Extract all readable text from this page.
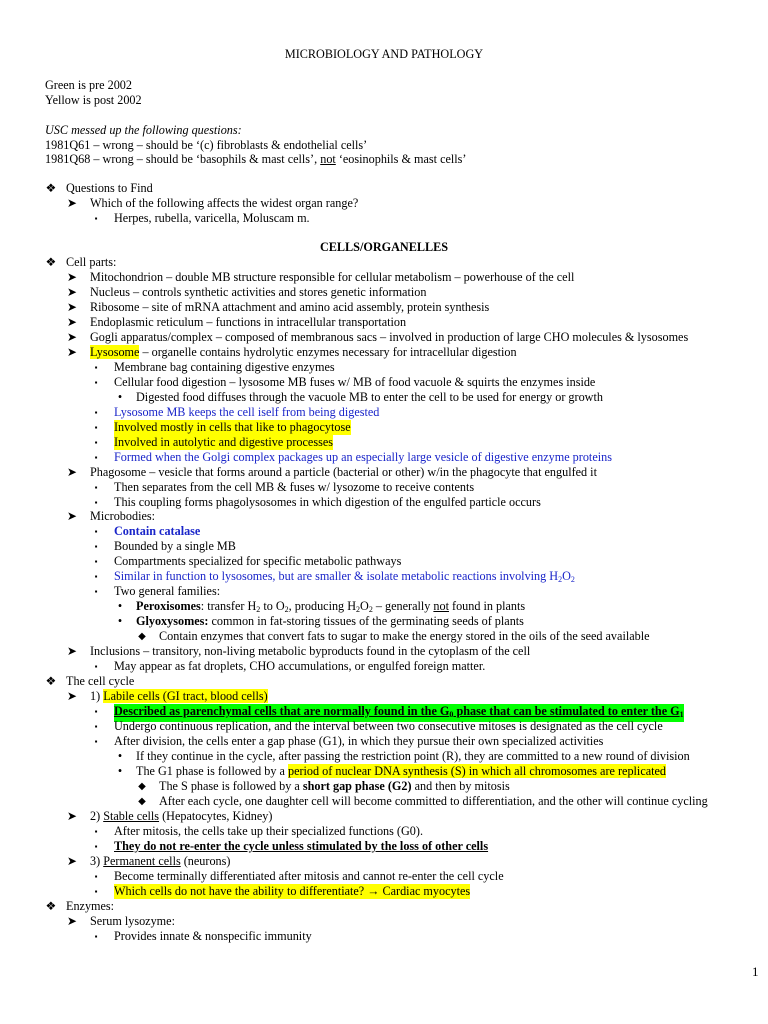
MICROBIOLOGY AND PATHOLOGY
Green is pre 2002
Yellow is post 2002
USC messed up the following questions:
1981Q61 – wrong – should be ‘(c) fibroblasts & endothelial cells’
1981Q68 – wrong – should be ‘basophils & mast cells’, not ‘eosinophils & mast cells’
❖ Questions to Find
➤ Which of the following affects the widest organ range?
▪	Herpes, rubella, varicella, Moluscam m.
CELLS/ORGANELLES
❖ Cell parts:
➤ Mitochondrion – double MB structure responsible for cellular metabolism – powerhouse of the cell
➤ Nucleus – controls synthetic activities and stores genetic information
➤ Ribosome – site of mRNA attachment and amino acid assembly, protein synthesis
➤ Endoplasmic reticulum – functions in intracellular transportation
➤ Gogli apparatus/complex – composed of membranous sacs – involved in production of large CHO molecules & lysosomes
➤ Lysosome – organelle contains hydrolytic enzymes necessary for intracellular digestion
▪	Membrane bag containing digestive enzymes
▪	Cellular food digestion – lysosome MB fuses w/ MB of food vacuole & squirts the enzymes inside
•	Digested food diffuses through the vacuole MB to enter the cell to be used for energy or growth
▪	Lysosome MB keeps the cell iself from being digested
▪	Involved mostly in cells that like to phagocytose
▪	Involved in autolytic and digestive processes
▪	Formed when the Golgi complex packages up an especially large vesicle of digestive enzyme proteins
➤ Phagosome – vesicle that forms around a particle (bacterial or other) w/in the phagocyte that engulfed it
▪	Then separates from the cell MB & fuses w/ lysozome to receive contents
▪	This coupling forms phagolysosomes in which digestion of the engulfed particle occurs
➤ Microbodies:
▪	Contain catalase
▪	Bounded by a single MB
▪	Compartments specialized for specific metabolic pathways
▪	Similar in function to lysosomes, but are smaller & isolate metabolic reactions involving $H_2O_2$
▪	Two general families:
•	Peroxisomes: transfer $H_2$ to $O_2$, producing $H_2O_2$ – generally not found in plants
•	Glyoxysomes: common in fat-storing tissues of the germinating seeds of plants
◆ Contain enzymes that convert fats to sugar to make the energy stored in the oils of the seed available
➤ Inclusions – transitory, non-living metabolic byproducts found in the cytoplasm of the cell
▪	May appear as fat droplets, CHO accumulations, or engulfed foreign matter.
❖ The cell cycle
➤ 1) Labile cells (GI tract, blood cells)
▪	Described as parenchymal cells that are normally found in the $G_0$ phase that can be stimulated to enter the $G_1$
▪	Undergo continuous replication, and the interval between two consecutive mitoses is designated as the cell cycle
▪	After division, the cells enter a gap phase (G1), in which they pursue their own specialized activities
•	If they continue in the cycle, after passing the restriction point (R), they are committed to a new round of division
•	The G1 phase is followed by a period of nuclear DNA synthesis (S) in which all chromosomes are replicated
◆ The S phase is followed by a short gap phase (G2) and then by mitosis
◆ After each cycle, one daughter cell will become committed to differentiation, and the other will continue cycling
➤ 2) Stable cells (Hepatocytes, Kidney)
▪	After mitosis, the cells take up their specialized functions (G0).
▪	They do not re-enter the cycle unless stimulated by the loss of other cells
➤ 3) Permanent cells (neurons)
▪	Become terminally differentiated after mitosis and cannot re-enter the cell cycle
▪	Which cells do not have the ability to differentiate? → Cardiac myocytes
❖ Enzymes:
➤ Serum lysozyme:
▪	Provides innate & nonspecific immunity
1
